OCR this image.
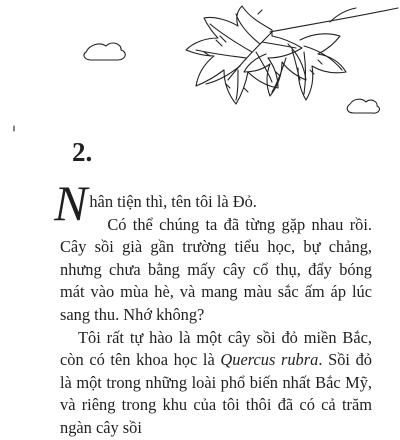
2.

Nhân tiện thì, tên tôi là Đỏ.

Có thể chúng ta đã từng gặp nhau rồi. Cây sồi già gần trường tiểu học, bự chảng, nhưng chưa bằng mấy cây cổ thụ, đẩy bóng mát vào mùa hè, và mang màu sắc ấm áp lúc sang thu. Nhớ không?

Tôi rất tự hào là một cây sồi đỏ miền Bắc, còn có tên khoa học là Quercus rubra. Sồi đỏ là một trong những loài phổ biến nhất Bắc Mỹ, và riêng trong khu của tôi thôi đã có cả trăm ngàn cây sồi
